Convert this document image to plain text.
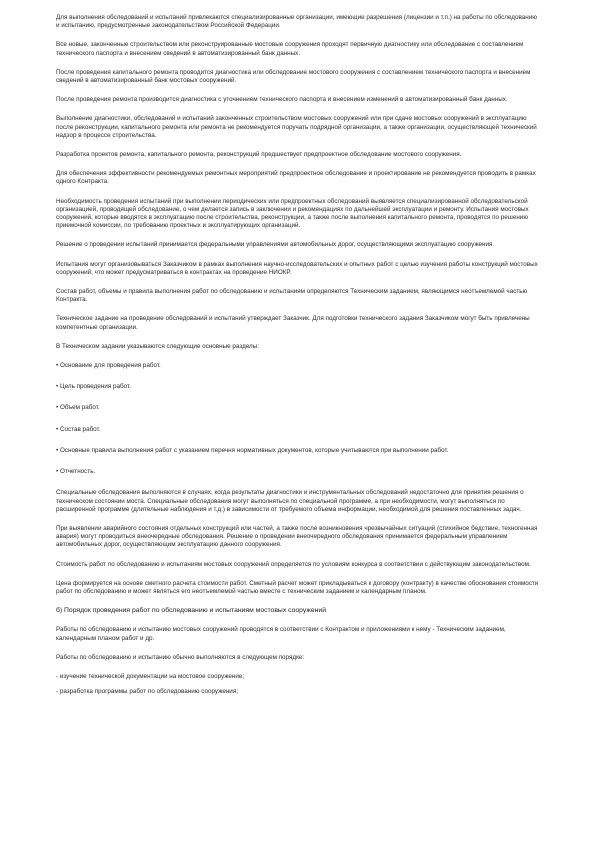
Для выполнения обследований и испытаний привлекаются специализированные организации, имеющие разрешения (лицензии и т.п.) на работы по обследованию и испытанию, предусмотренные законодательством Российской Федерации.

Все новые, законченные строительством или реконструированные мостовые сооружения проходят первичную диагностику или обследование с составлением технического паспорта и внесением сведений в автоматизированный банк данных.

После проведения капитального ремонта проводится диагностика или обследование мостового сооружения с составлением технического паспорта и внесением сведений в автоматизированный банк мостовых сооружений.

После проведения ремонта производится диагностика с уточнением технического паспорта и внесением изменений в автоматизированный банк данных.

Выполнение диагностики, обследований и испытаний законченных строительством мостовых сооружений или при сдаче мостовых сооружений в эксплуатацию после реконструкции, капитального ремонта или ремонта не рекомендуется поручать подрядной организации, а также организации, осуществляющей технический надзор в процессе строительства.

Разработка проектов ремонта, капитального ремонта, реконструкций предшествует предпроектное обследование мостового сооружения.

Для обеспечения эффективности рекомендуемых ремонтных мероприятий предпроектное обследование и проектирование не рекомендуется проводить в рамках одного Контракта.

Необходимость проведения испытаний при выполнении периодических или предпроектных обследований выявляется специализированной обследовательской организацией, проводящей обследование, о чем делается запись в заключении и рекомендациях по дальнейшей эксплуатации и ремонту. Испытания мостовых сооружений, которые вводятся в эксплуатацию после строительства, реконструкции, а также после выполнения капитального ремонта, проводятся по решению приемочной комиссии, по требованию проектных и эксплуатирующих организаций.

Решение о проведении испытаний принимается федеральными управлениями автомобильных дорог, осуществляющими эксплуатацию сооружения.

Испытания могут организовываться Заказчиком в рамках выполнения научно-исследовательских и опытных работ с целью изучения работы конструкций мостовых сооружений, что может предусматриваться в контрактах на проведение НИОКР.

Состав работ, объемы и правила выполнения работ по обследованию и испытаниям определяются Техническим заданием, являющимся неотъемлемой частью Контракта.

Техническое задание на проведение обследований и испытаний утверждает Заказчик. Для подготовки технического задания Заказчиком могут быть привлечены компетентные организации.

В Техническом задании указываются следующие основные разделы:

• Основание для проведения работ.

• Цель проведения работ.

• Объем работ.

• Состав работ.

• Основные правила выполнения работ с указанием перечня нормативных документов, которые учитываются при выполнении работ.

• Отчетность.

Специальные обследования выполняются в случаях, когда результаты диагностики и инструментальных обследований недостаточно для принятия решения о техническом состоянии моста. Специальные обследования могут выполняться по специальной программе, а при необходимости, могут выполняться по расширенной программе (длительные наблюдения и т.д.) в зависимости от требуемого объема информации, необходимой для решения поставленных задач.

При выявлении аварийного состояния отдельных конструкций или частей, а также после возникновения чрезвычайных ситуаций (стихийное бедствие, техногенная авария) могут проводиться внеочередные обследования. Решение о проведении внеочередного обследования принимается федеральным управлением автомобильных дорог, осуществляющим эксплуатацию данного сооружения.

Стоимость работ по обследованию и испытаниям мостовых сооружений определяется по условиям конкурса в соответствии с действующим законодательством.

Цена формируется на основе сметного расчета стоимости работ. Сметный расчет может прикладываться к договору (контракту) в качестве обоснования стоимости работ по обследованию и может являться его неотъемлемой частью вместе с техническим заданием и календарным планом.

б) Порядок проведения работ по обследованию и испытаниям мостовых сооружений

Работы по обследованию и испытанию мостовых сооружений проводятся в соответствии с Контрактом и приложениями к нему - Техническим заданием, календарным планом работ и др.

Работы по обследованию и испытанию обычно выполняются в следующем порядке:

- изучение технической документации на мостовое сооружение;

- разработка программы работ по обследованию сооружения;
